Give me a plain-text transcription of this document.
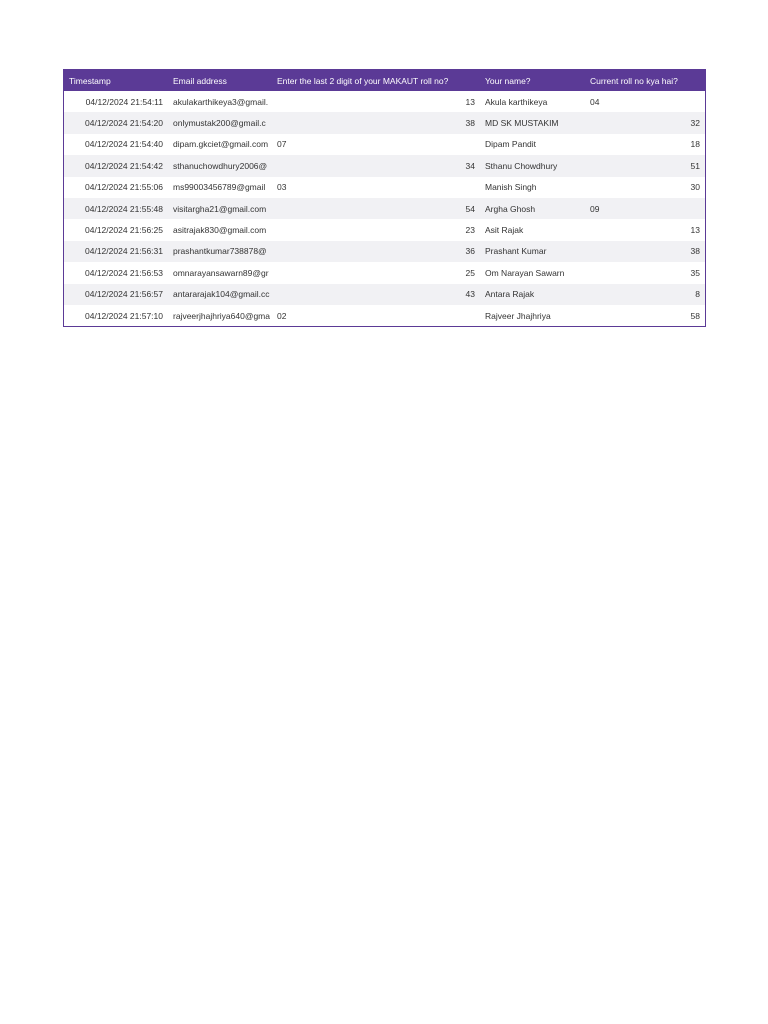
Timestamp	Email address	Enter the last 2 digit of your MAKAUT roll no?	Your name?	Current roll no kya hai?
04/12/2024 21:54:11	akulakarthikeya3@gmail.	13	Akula karthikeya	04
04/12/2024 21:54:20	onlymustak200@gmail.c	38	MD SK MUSTAKIM	32
04/12/2024 21:54:40	dipam.gkciet@gmail.com	07	Dipam Pandit	18
04/12/2024 21:54:42	sthanuchowdhury2006@	34	Sthanu Chowdhury	51
04/12/2024 21:55:06	ms99003456789@gmail	03	Manish Singh	30
04/12/2024 21:55:48	visitargha21@gmail.com	54	Argha Ghosh	09
04/12/2024 21:56:25	asitrajak830@gmail.com	23	Asit Rajak	13
04/12/2024 21:56:31	prashantkumar738878@	36	Prashant Kumar	38
04/12/2024 21:56:53	omnarayansawarn89@gr	25	Om Narayan Sawarn	35
04/12/2024 21:56:57	antararajak104@gmail.cc	43	Antara Rajak	8
04/12/2024 21:57:10	rajveerjhajhriya640@gma	02	Rajveer Jhajhriya	58
